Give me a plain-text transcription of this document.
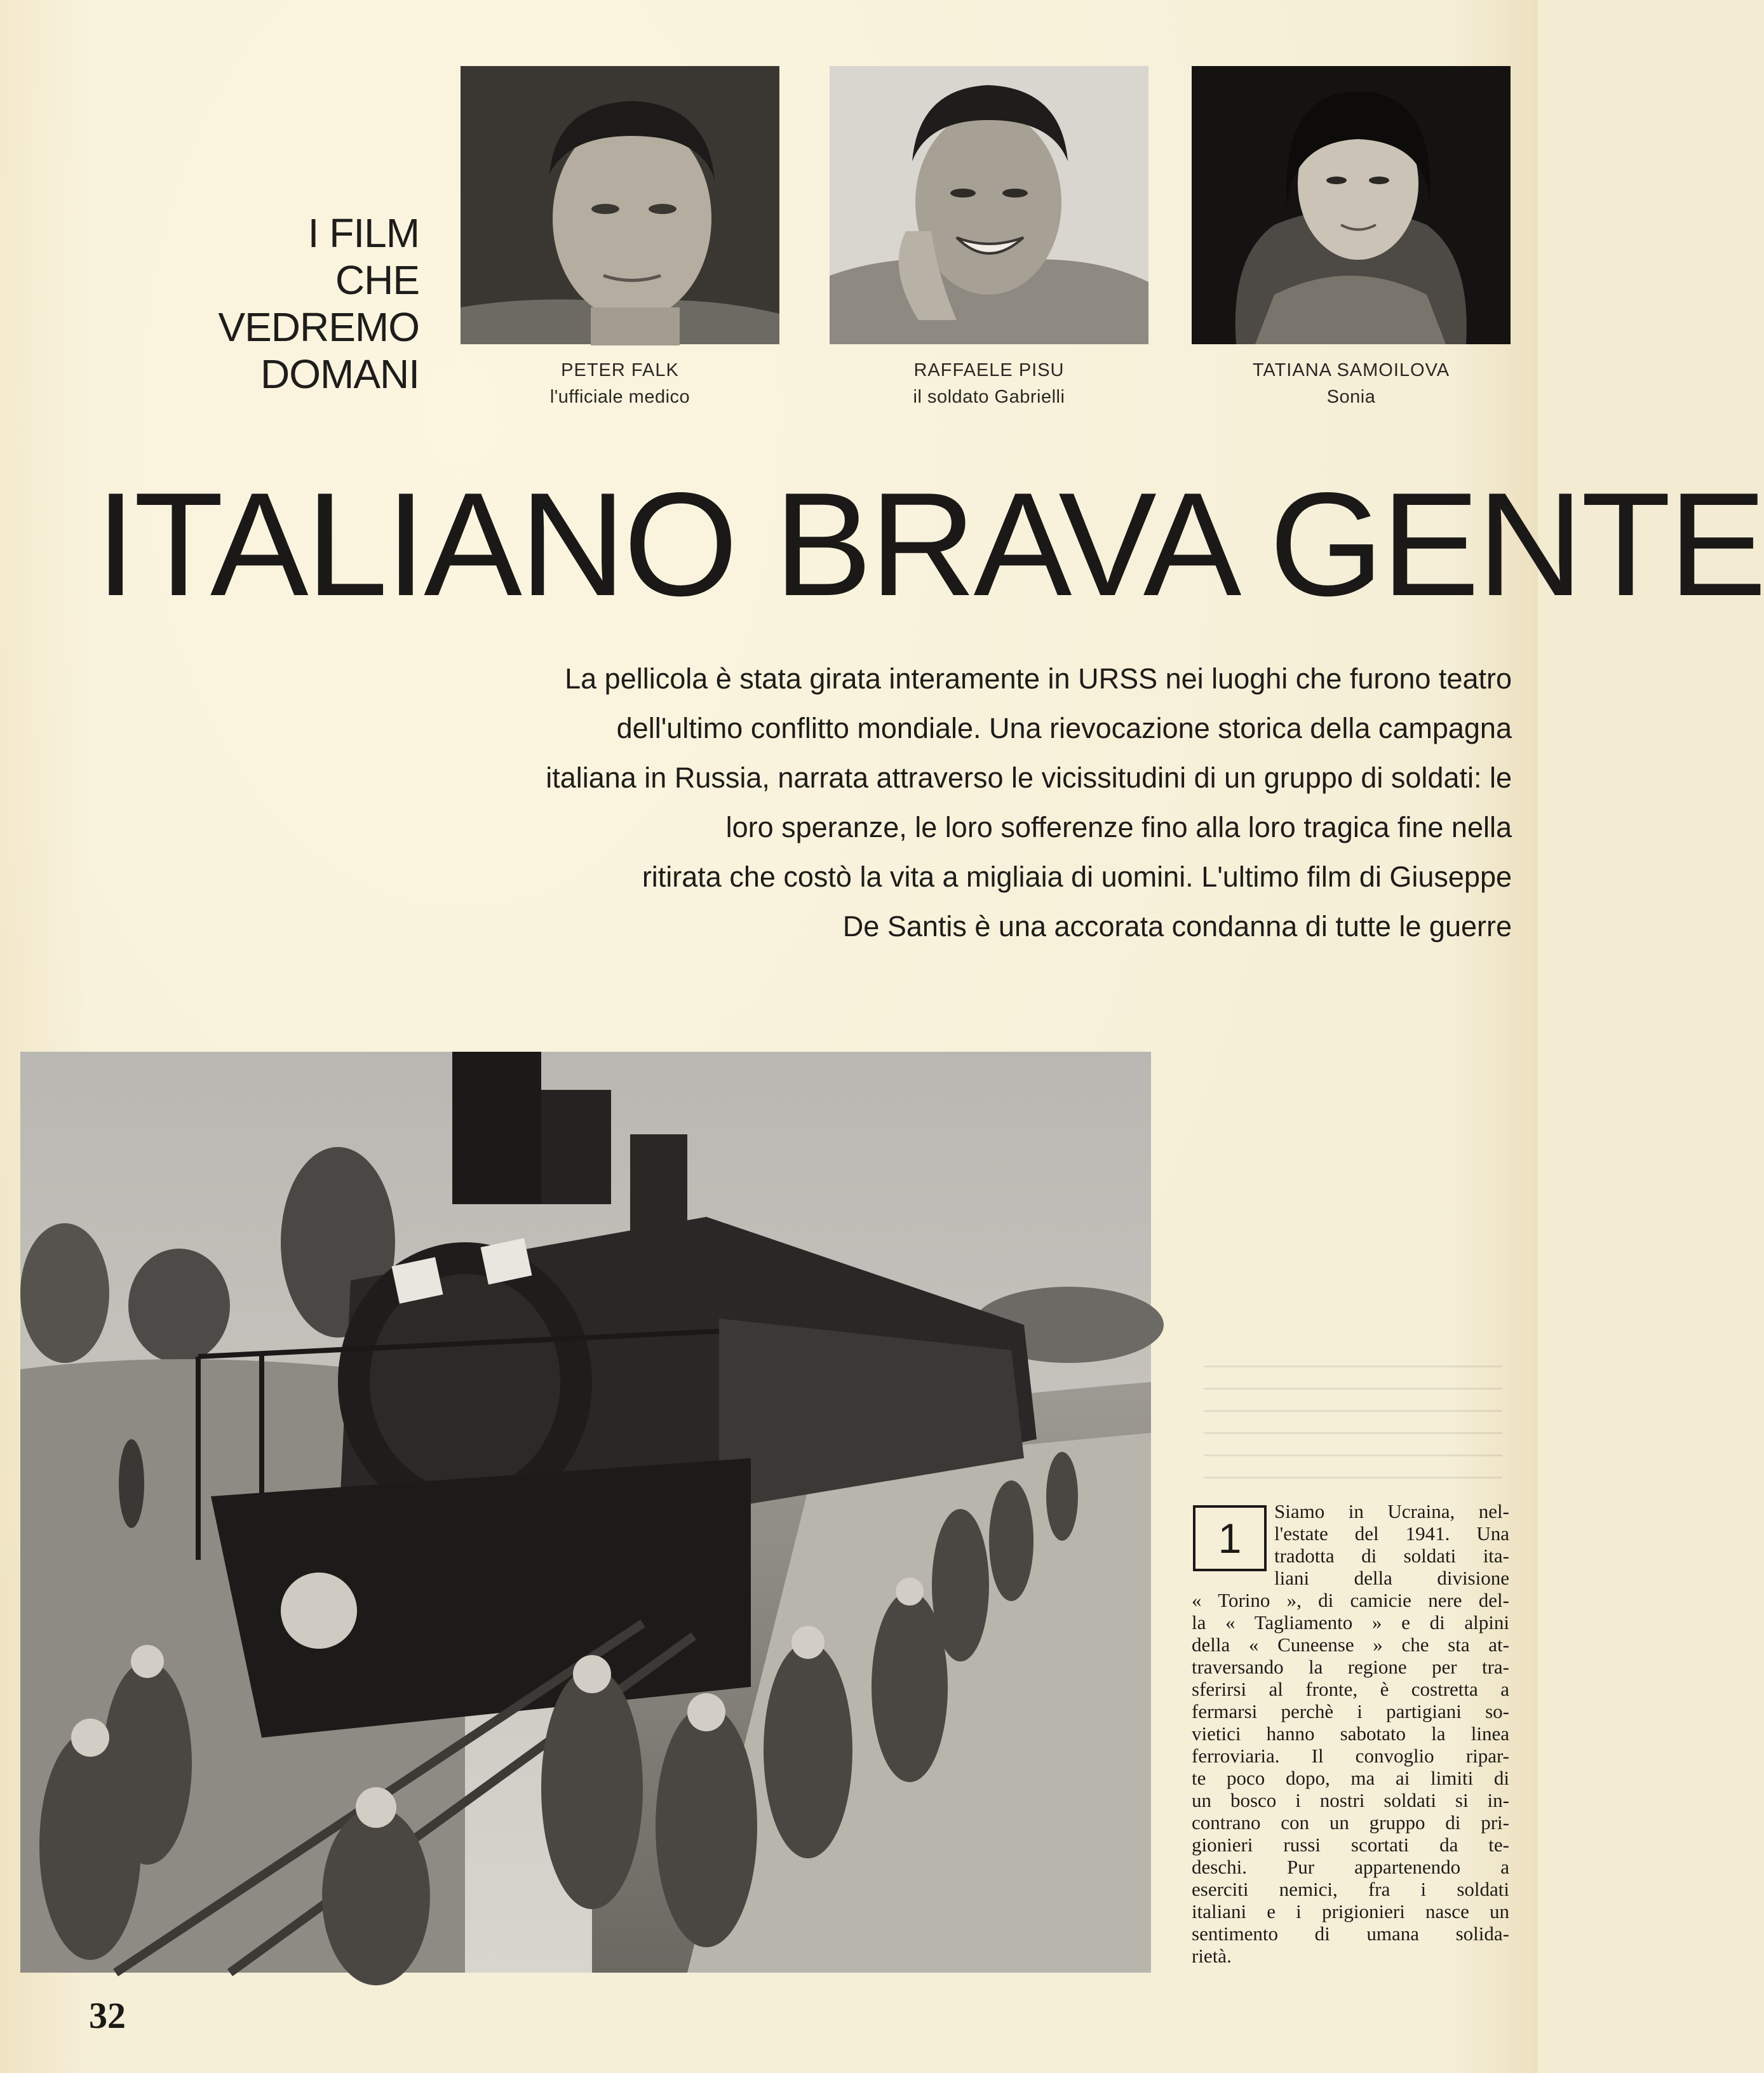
I FILM
CHE
VEDREMO
DOMANI	PETER FALK
l'ufficiale medico
RAFFAELE PISU
il soldato Gabrielli
TATIANA SAMOILOVA
Sonia
ITALIANO BRAVA GENTE
La pellicola è stata girata interamente in URSS nei luoghi che furono teatro
dell'ultimo conflitto mondiale. Una rievocazione storica della campagna
italiana in Russia, narrata attraverso le vicissitudini di un gruppo di soldati: le
loro speranze, le loro sofferenze fino alla loro tragica fine nella
ritirata che costò la vita a migliaia di uomini. L'ultimo film di Giuseppe
De Santis è una accorata condanna di tutte le guerre
1
Siamo in Ucraina, nel-
l'estate del 1941. Una
tradotta di soldati ita-
liani della divisione
« Torino », di camicie nere del-
la « Tagliamento » e di alpini
della « Cuneense » che sta at-
traversando la regione per tra-
sferirsi al fronte, è costretta a
fermarsi perchè i partigiani so-
vietici hanno sabotato la linea
ferroviaria. Il convoglio ripar-
te poco dopo, ma ai limiti di
un bosco i nostri soldati si in-
contrano con un gruppo di pri-
gionieri russi scortati da te-
deschi. Pur appartenendo a
eserciti nemici, fra i soldati
italiani e i prigionieri nasce un
sentimento di umana solida-
rietà.
32
